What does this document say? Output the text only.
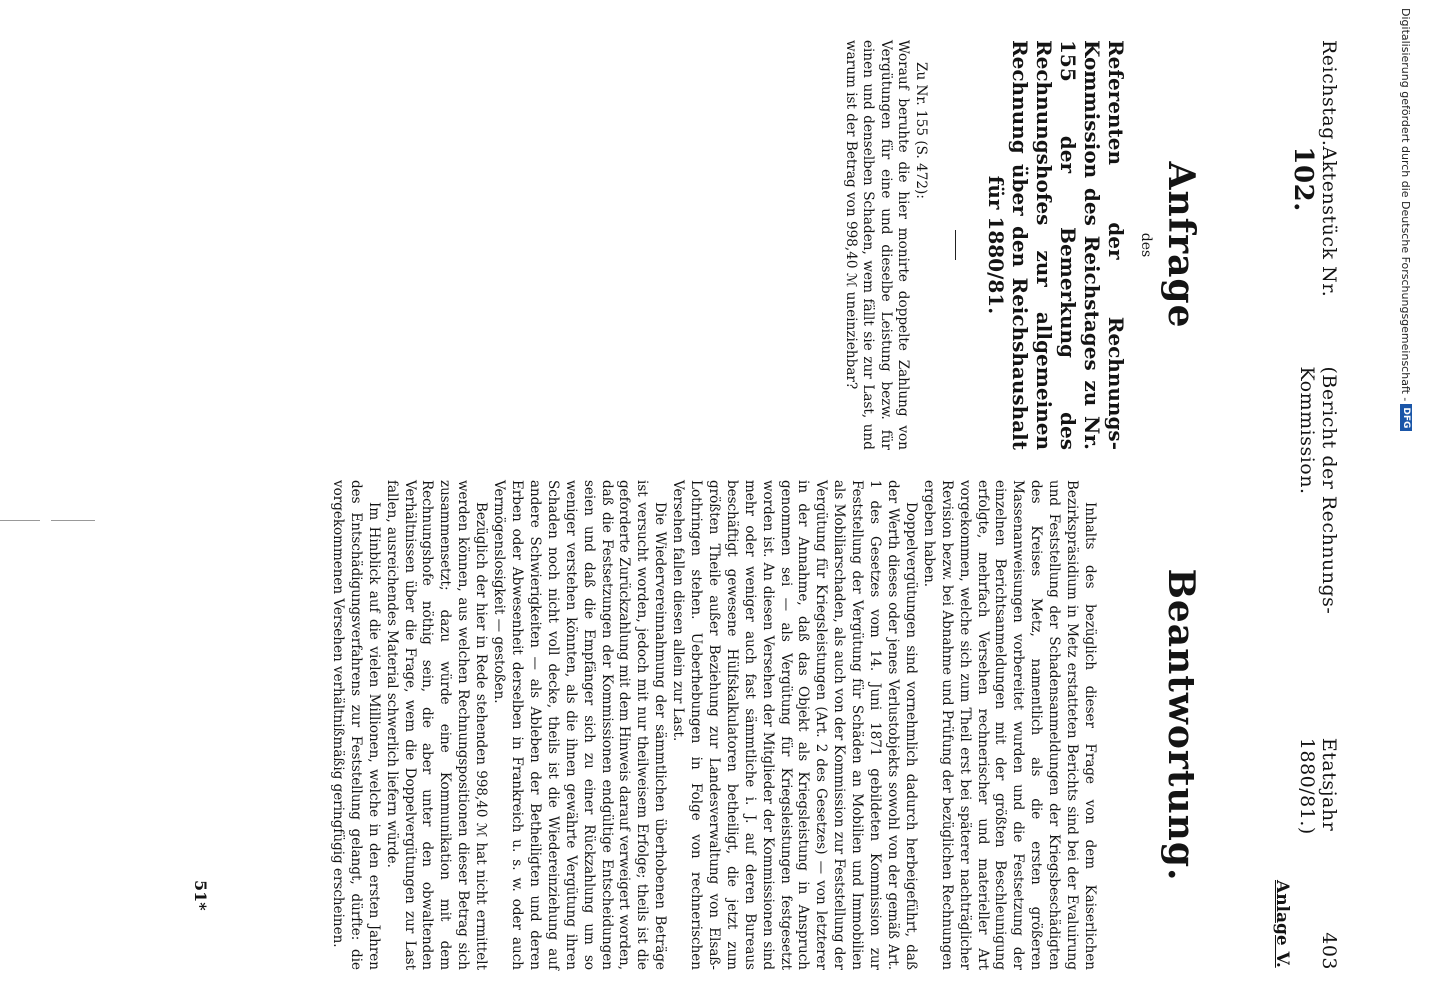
Reichstag.
Aktenstück Nr. 102.
(Bericht der Rechnungs-Kommission.
Etatsjahr 1880/81.)
403
Anlage V.
Anfrage
des
Referenten der Rechnungs-Kommission des Reichstages zu Nr. 155 der Bemerkung des Rechnungshofes zur allgemeinen Rechnung über den Reichshaushalt für 1880/81.
Zu Nr. 155 (S. 472):
Worauf beruhte die hier monirte doppelte Zahlung von Vergütungen für eine und dieselbe Leistung bezw. für einen und denselben Schaden, wem fällt sie zur Last, und warum ist der Betrag von 998,40 ℳ uneinziehbar?
Beantwortung.

Inhalts des bezüglich dieser Frage von dem Kaiserlichen Bezirkspräsidium in Metz erstatteten Berichts sind bei der Evaluirung und Feststellung der Schadensanmeldungen der Kriegsbeschädigten des Kreises Metz, namentlich als die ersten größeren Massenanweisungen vorbereitet wurden und die Festsetzung der einzelnen Berichtsanmeldungen mit der größten Beschleunigung erfolgte, mehrfach Versehen rechnerischer und materieller Art vorgekommen, welche sich zum Theil erst bei späterer nachträglicher Revision bezw. bei Abnahme und Prüfung der bezüglichen Rechnungen ergeben haben.

Doppelvergütungen sind vornehmlich dadurch herbeigeführt, daß der Werth dieses oder jenes Verlustobjekts sowohl von der gemäß Art. 1 des Gesetzes vom 14. Juni 1871 gebildeten Kommission zur Feststellung der Vergütung für Schäden an Mobilien und Immobilien als Mobiliarschaden, als auch von der Kommission zur Feststellung der Vergütung für Kriegsleistungen (Art. 2 des Gesetzes) — von letzterer in der Annahme, daß das Objekt als Kriegsleistung in Anspruch genommen sei — als Vergütung für Kriegsleistungen festgesetzt worden ist. An diesen Versehen der Mitglieder der Kommissionen sind mehr oder weniger auch fast sämmtliche i. J. auf deren Bureaus beschäftigt gewesene Hülfskalkulatoren betheiligt, die jetzt zum größten Theile außer Beziehung zur Landesverwaltung von Elsaß-Lothringen stehen. Ueberhebungen in Folge von rechnerischen Versehen fallen diesen allein zur Last.

Die Wiedervereinnahmung der sämmtlichen überhobenen Beträge ist versucht worden, jedoch mit nur theilweisem Erfolge; theils ist die geforderte Zurückzahlung mit dem Hinweis darauf verweigert worden, daß die Festsetzungen der Kommissionen endgültige Entscheidungen seien und daß die Empfänger sich zu einer Rückzahlung um so weniger verstehen könnten, als die ihnen gewährte Vergütung ihren Schaden noch nicht voll decke, theils ist die Wiedereinziehung auf andere Schwierigkeiten — als Ableben der Betheiligten und deren Erben oder Abwesenheit derselben in Frankreich u. s. w. oder auch Vermögenslosigkeit — gestoßen.

Bezüglich der hier in Rede stehenden 998,40 ℳ hat nicht ermittelt werden können, aus welchen Rechnungspositionen dieser Betrag sich zusammensetzt; dazu würde eine Kommunikation mit dem Rechnungshofe nöthig sein, die aber unter den obwaltenden Verhältnissen über die Frage, wem die Doppelvergütungen zur Last fallen, ausreichendes Material schwerlich liefern würde.

Im Hinblick auf die vielen Millionen, welche in den ersten Jahren des Entschädigungsverfahrens zur Feststellung gelangt, dürfte: die vorgekommenen Versehen verhältnißmäßig geringfügig erscheinen.

51*
Digitalisierung gefördert durch die Deutsche Forschungsgemeinschaft -
DFG
